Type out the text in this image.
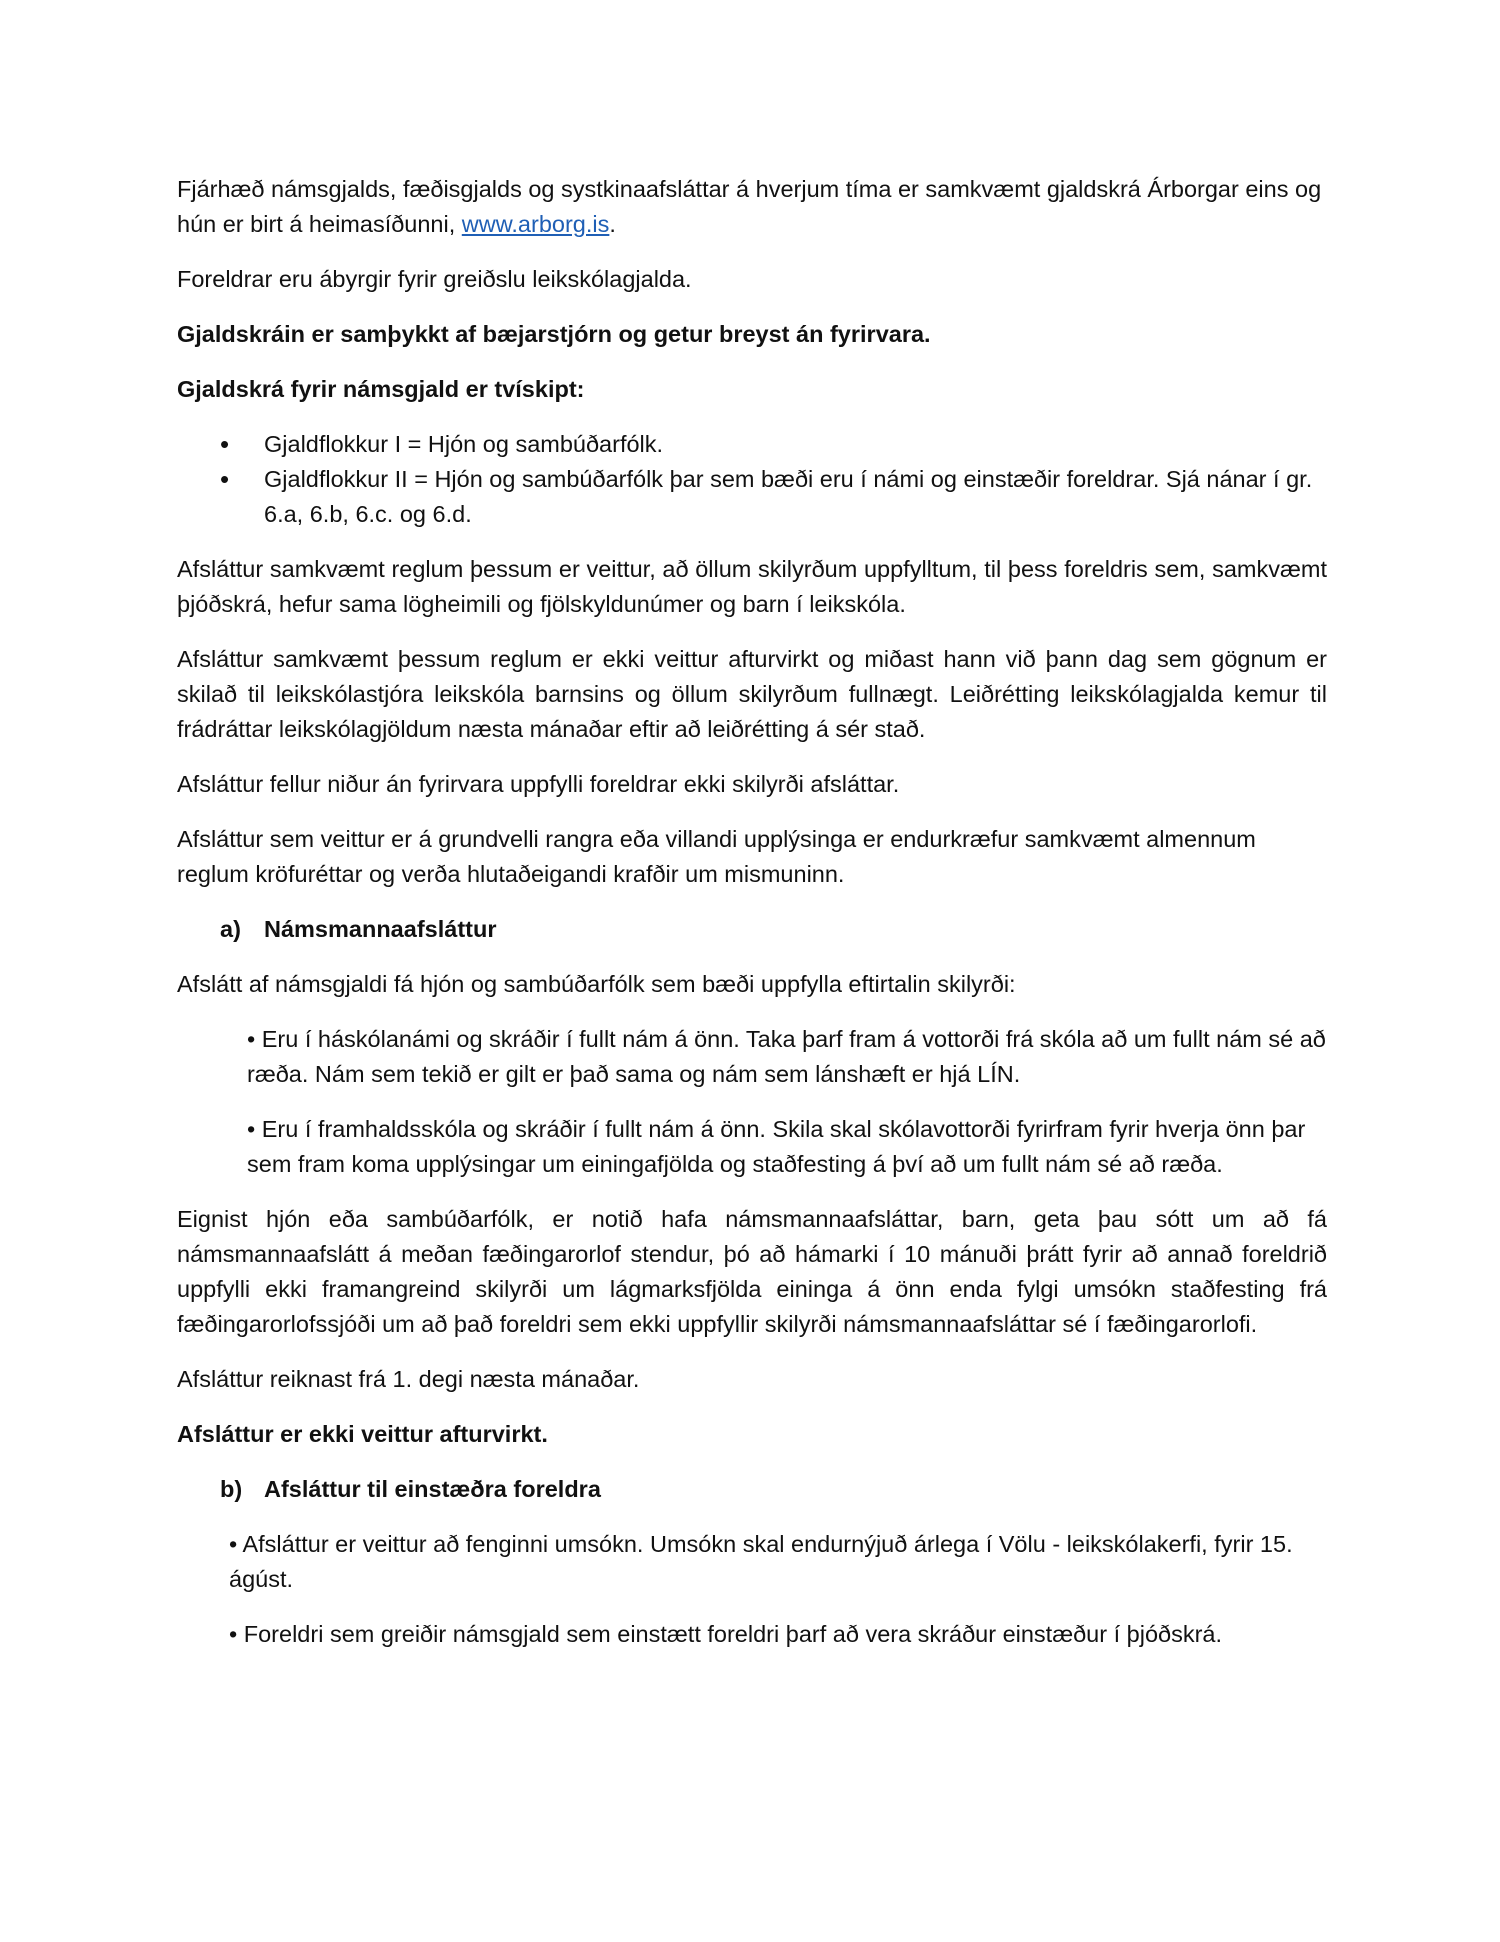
Fjárhæð námsgjalds, fæðisgjalds og systkinaafsláttar á hverjum tíma er samkvæmt gjaldskrá Árborgar eins og hún er birt á heimasíðunni, www.arborg.is.

Foreldrar eru ábyrgir fyrir greiðslu leikskólagjalda.

Gjaldskráin er samþykkt af bæjarstjórn og getur breyst án fyrirvara.

Gjaldskrá fyrir námsgjald er tvískipt:

• Gjaldflokkur I = Hjón og sambúðarfólk.
• Gjaldflokkur II = Hjón og sambúðarfólk þar sem bæði eru í námi og einstæðir foreldrar. Sjá nánar í gr. 6.a, 6.b, 6.c. og 6.d.

Afsláttur samkvæmt reglum þessum er veittur, að öllum skilyrðum uppfylltum, til þess foreldris sem, samkvæmt þjóðskrá, hefur sama lögheimili og fjölskyldunúmer og barn í leikskóla.

Afsláttur samkvæmt þessum reglum er ekki veittur afturvirkt og miðast hann við þann dag sem gögnum er skilað til leikskólastjóra leikskóla barnsins og öllum skilyrðum fullnægt. Leiðrétting leikskólagjalda kemur til frádráttar leikskólagjöldum næsta mánaðar eftir að leiðrétting á sér stað.

Afsláttur fellur niður án fyrirvara uppfylli foreldrar ekki skilyrði afsláttar.

Afsláttur sem veittur er á grundvelli rangra eða villandi upplýsinga er endurkræfur samkvæmt almennum reglum kröfuréttar og verða hlutaðeigandi krafðir um mismuninn.

a) Námsmannaafsláttur

Afslátt af námsgjaldi fá hjón og sambúðarfólk sem bæði uppfylla eftirtalin skilyrði:

• Eru í háskólanámi og skráðir í fullt nám á önn. Taka þarf fram á vottorði frá skóla að um fullt nám sé að ræða. Nám sem tekið er gilt er það sama og nám sem lánshæft er hjá LÍN.

• Eru í framhaldsskóla og skráðir í fullt nám á önn. Skila skal skólavottorði fyrirfram fyrir hverja önn þar sem fram koma upplýsingar um einingafjölda og staðfesting á því að um fullt nám sé að ræða.

Eignist hjón eða sambúðarfólk, er notið hafa námsmannaafsláttar, barn, geta þau sótt um að fá námsmannaafslátt á meðan fæðingarorlof stendur, þó að hámarki í 10 mánuði þrátt fyrir að annað foreldrið uppfylli ekki framangreind skilyrði um lágmarksfjölda eininga á önn enda fylgi umsókn staðfesting frá fæðingarorlofssjóði um að það foreldri sem ekki uppfyllir skilyrði námsmannaafsláttar sé í fæðingarorlofi.

Afsláttur reiknast frá 1. degi næsta mánaðar.

Afsláttur er ekki veittur afturvirkt.

b) Afsláttur til einstæðra foreldra

• Afsláttur er veittur að fenginni umsókn. Umsókn skal endurnýjuð árlega í Völu - leikskólakerfi, fyrir 15. ágúst.

• Foreldri sem greiðir námsgjald sem einstætt foreldri þarf að vera skráður einstæður í þjóðskrá.
